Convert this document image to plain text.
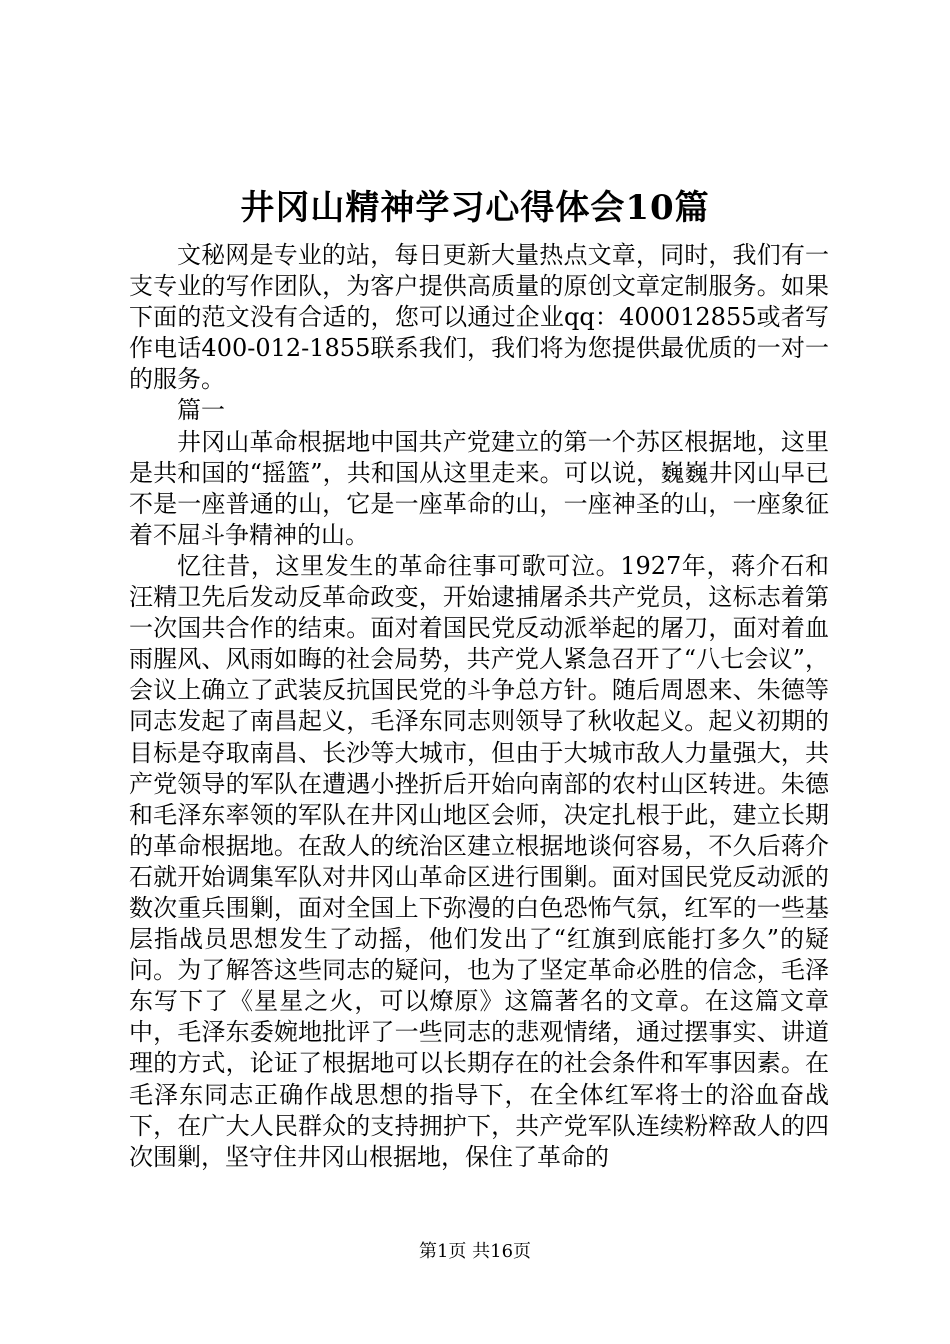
井冈山精神学习心得体会10篇

文秘网是专业的站，每日更新大量热点文章，同时，我们有一支专业的写作团队，为客户提供高质量的原创文章定制服务。如果下面的范文没有合适的，您可以通过企业qq：400012855或者写作电话400-012-1855联系我们，我们将为您提供最优质的一对一的服务。

篇一

井冈山革命根据地中国共产党建立的第一个苏区根据地，这里是共和国的“摇篮”，共和国从这里走来。可以说，巍巍井冈山早已不是一座普通的山，它是一座革命的山，一座神圣的山，一座象征着不屈斗争精神的山。

忆往昔，这里发生的革命往事可歌可泣。1927年，蒋介石和汪精卫先后发动反革命政变，开始逮捕屠杀共产党员，这标志着第一次国共合作的结束。面对着国民党反动派举起的屠刀，面对着血雨腥风、风雨如晦的社会局势，共产党人紧急召开了“八七会议”，会议上确立了武装反抗国民党的斗争总方针。随后周恩来、朱德等同志发起了南昌起义，毛泽东同志则领导了秋收起义。起义初期的目标是夺取南昌、长沙等大城市，但由于大城市敌人力量强大，共产党领导的军队在遭遇小挫折后开始向南部的农村山区转进。朱德和毛泽东率领的军队在井冈山地区会师，决定扎根于此，建立长期的革命根据地。在敌人的统治区建立根据地谈何容易，不久后蒋介石就开始调集军队对井冈山革命区进行围剿。面对国民党反动派的数次重兵围剿，面对全国上下弥漫的白色恐怖气氛，红军的一些基层指战员思想发生了动摇，他们发出了“红旗到底能打多久”的疑问。为了解答这些同志的疑问，也为了坚定革命必胜的信念，毛泽东写下了《星星之火，可以燎原》这篇著名的文章。在这篇文章中，毛泽东委婉地批评了一些同志的悲观情绪，通过摆事实、讲道理的方式，论证了根据地可以长期存在的社会条件和军事因素。在毛泽东同志正确作战思想的指导下，在全体红军将士的浴血奋战下，在广大人民群众的支持拥护下，共产党军队连续粉粹敌人的四次围剿，坚守住井冈山根据地，保住了革命的

第1页 共16页
